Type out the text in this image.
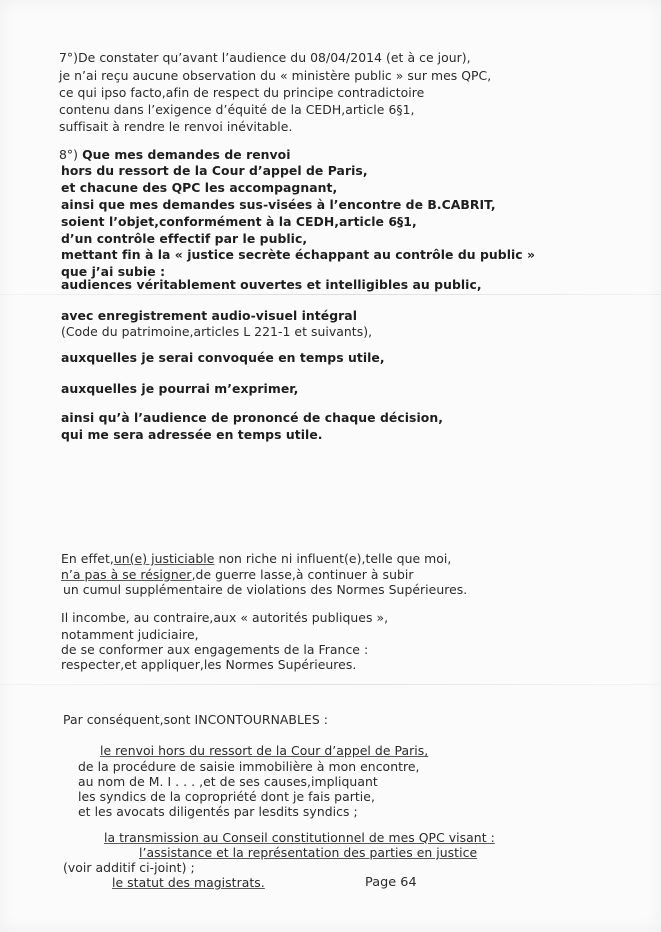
7°)De constater qu’avant l’audience du 08/04/2014 (et à ce jour),
je n’ai reçu aucune observation du « ministère public » sur mes QPC,
ce qui ipso facto,afin de respect du principe contradictoire
contenu dans l’exigence d’équité de la CEDH,article 6§1,
suffisait à rendre le renvoi inévitable.
8°) Que mes demandes de renvoi
hors du ressort de la Cour d’appel de Paris,
et chacune des QPC les accompagnant,
ainsi que mes demandes sus-visées à l’encontre de B.CABRIT,
soient l’objet,conformément à la CEDH,article 6§1,
d’un contrôle effectif par le public,
mettant fin à la « justice secrète échappant au contrôle du public »
que j’ai subie :
audiences véritablement ouvertes et intelligibles au public,
avec enregistrement audio-visuel intégral
(Code du patrimoine,articles L 221-1 et suivants),
auxquelles je serai convoquée en temps utile,
auxquelles je pourrai m’exprimer,
ainsi qu’à l’audience de prononcé de chaque décision,
qui me sera adressée en temps utile.
En effet,un(e) justiciable non riche ni influent(e),telle que moi,
n’a pas à se résigner,de guerre lasse,à continuer à subir
un cumul supplémentaire de violations des Normes Supérieures.
Il incombe, au contraire,aux « autorités publiques »,
notamment judiciaire,
de se conformer aux engagements de la France :
respecter,et appliquer,les Normes Supérieures.
Par conséquent,sont INCONTOURNABLES :
le renvoi hors du ressort de la Cour d’appel de Paris,
de la procédure de saisie immobilière à mon encontre,
au nom de M. I . . . ,et de ses causes,impliquant
les syndics de la copropriété dont je fais partie,
et les avocats diligentés par lesdits syndics ;
la transmission au Conseil constitutionnel de mes QPC visant :
l’assistance et la représentation des parties en justice
(voir additif ci-joint) ;
le statut des magistrats.	Page 64
